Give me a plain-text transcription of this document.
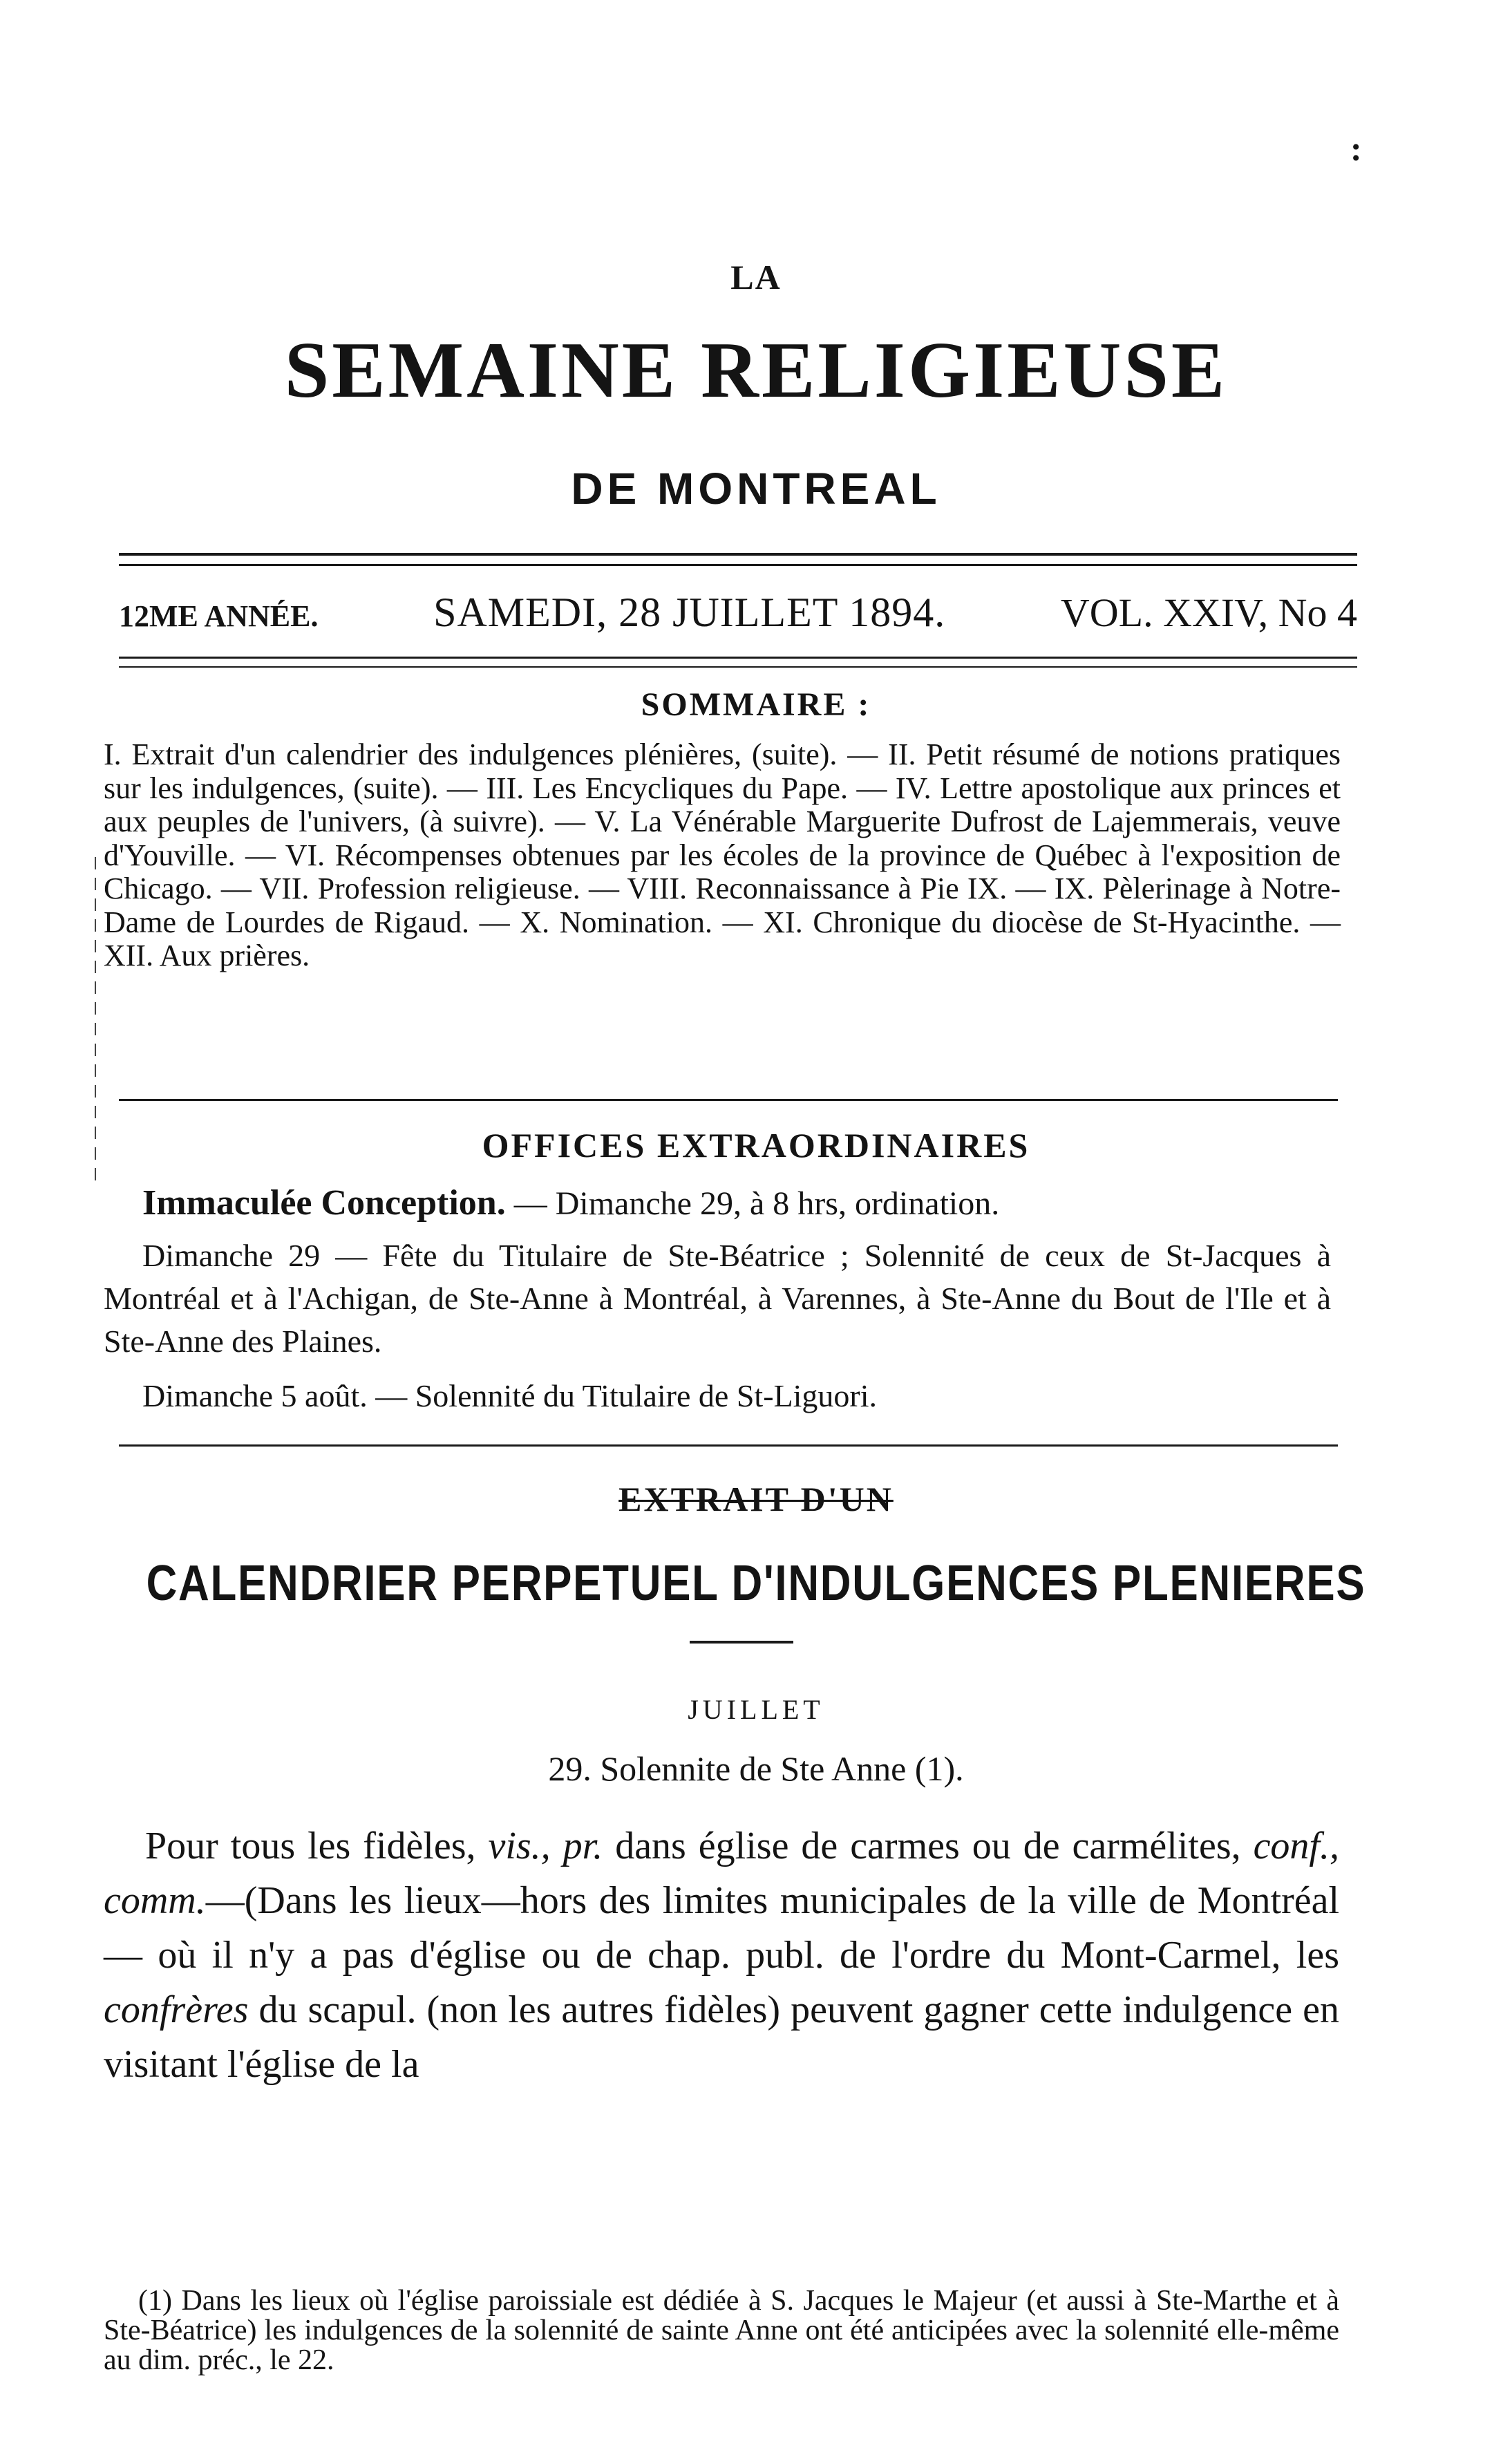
:
LA
SEMAINE RELIGIEUSE
DE MONTREAL
12ME ANNÉE.	SAMEDI, 28 JUILLET 1894.	VOL. XXIV, No 4
SOMMAIRE :
I. Extrait d'un calendrier des indulgences plénières, (suite). — II. Petit résumé de notions pratiques sur les indulgences, (suite). — III. Les Encycliques du Pape. — IV. Lettre apostolique aux princes et aux peuples de l'univers, (à suivre). — V. La Vénérable Marguerite Dufrost de Lajemmerais, veuve d'Youville. — VI. Récompenses obtenues par les écoles de la province de Québec à l'exposition de Chicago. — VII. Profession religieuse. — VIII. Reconnaissance à Pie IX. — IX. Pèlerinage à Notre-Dame de Lourdes de Rigaud. — X. Nomination. — XI. Chronique du diocèse de St-Hyacinthe. — XII. Aux prières.
OFFICES EXTRAORDINAIRES
Immaculée Conception. — Dimanche 29, à 8 hrs, ordination.
Dimanche 29 — Fête du Titulaire de Ste-Béatrice ; Solennité de ceux de St-Jacques à Montréal et à l'Achigan, de Ste-Anne à Montréal, à Varennes, à Ste-Anne du Bout de l'Ile et à Ste-Anne des Plaines.
Dimanche 5 août. — Solennité du Titulaire de St-Liguori.
EXTRAIT D'UN
CALENDRIER PERPETUEL D'INDULGENCES PLENIERES
JUILLET
29. Solennite de Ste Anne (1).
Pour tous les fidèles, vis., pr. dans église de carmes ou de carmélites, conf., comm.—(Dans les lieux—hors des limites municipales de la ville de Montréal— où il n'y a pas d'église ou de chap. publ. de l'ordre du Mont-Carmel, les confrères du scapul. (non les autres fidèles) peuvent gagner cette indulgence en visitant l'église de la
(1) Dans les lieux où l'église paroissiale est dédiée à S. Jacques le Majeur (et aussi à Ste-Marthe et à Ste-Béatrice) les indulgences de la solennité de sainte Anne ont été anticipées avec la solennité elle-même au dim. préc., le 22.
